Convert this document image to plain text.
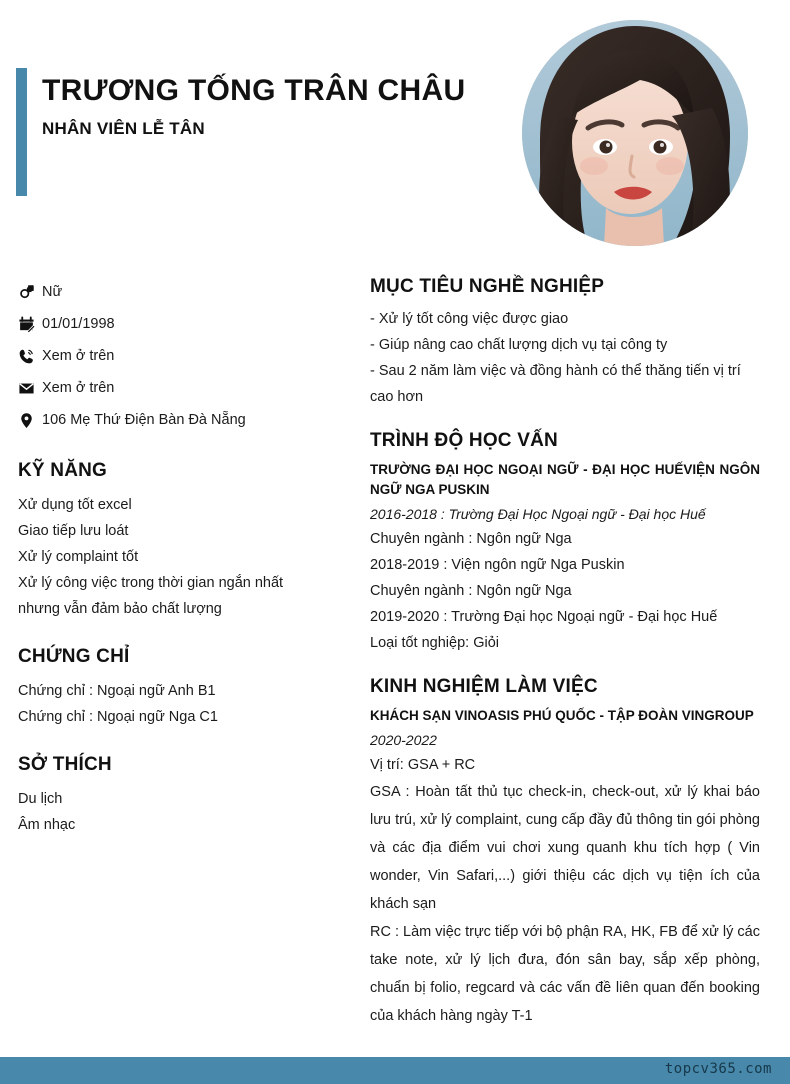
TRƯƠNG TỐNG TRÂN CHÂU
NHÂN VIÊN LỄ TÂN
Nữ
01/01/1998
Xem ở trên
Xem ở trên
106 Mẹ Thứ Điện Bàn Đà Nẵng
KỸ NĂNG

Xử dụng tốt excel

Giao tiếp lưu loát

Xử lý complaint tốt

Xử lý công việc trong thời gian ngắn nhất nhưng vẫn đảm bảo chất lượng

CHỨNG CHỈ

Chứng chỉ : Ngoại ngữ Anh B1

Chứng chỉ : Ngoại ngữ Nga C1

SỞ THÍCH

Du lịch

Âm nhạc

MỤC TIÊU NGHỀ NGHIỆP

- Xử lý tốt công việc được giao

- Giúp nâng cao chất lượng dịch vụ tại công ty

- Sau 2 năm làm việc và đồng hành có thể thăng tiến vị trí cao hơn

TRÌNH ĐỘ HỌC VẤN

TRƯỜNG ĐẠI HỌC NGOẠI NGỮ - ĐẠI HỌC HUẾVIỆN NGÔN NGỮ NGA PUSKIN

2016-2018 : Trường Đại Học Ngoại ngữ - Đại học Huế

Chuyên ngành : Ngôn ngữ Nga

2018-2019 : Viện ngôn ngữ Nga Puskin

Chuyên ngành : Ngôn ngữ Nga

2019-2020 : Trường Đại học Ngoại ngữ - Đại học Huế

Loại tốt nghiệp: Giỏi

KINH NGHIỆM LÀM VIỆC

KHÁCH SẠN VINOASIS PHÚ QUỐC - TẬP ĐOÀN VINGROUP

2020-2022

Vị trí: GSA + RC

GSA : Hoàn tất thủ tục check-in, check-out, xử lý khai báo lưu trú, xử lý complaint, cung cấp đầy đủ thông tin gói phòng và các địa điểm vui chơi xung quanh khu tích hợp ( Vin wonder, Vin Safari,...) giới thiệu các dịch vụ tiện ích của khách sạn

RC : Làm việc trực tiếp với bộ phận RA, HK, FB để xử lý các take note, xử lý lịch đưa, đón sân bay, sắp xếp phòng, chuẩn bị folio, regcard và các vấn đề liên quan đến booking của khách hàng ngày T-1

topcv365.com
